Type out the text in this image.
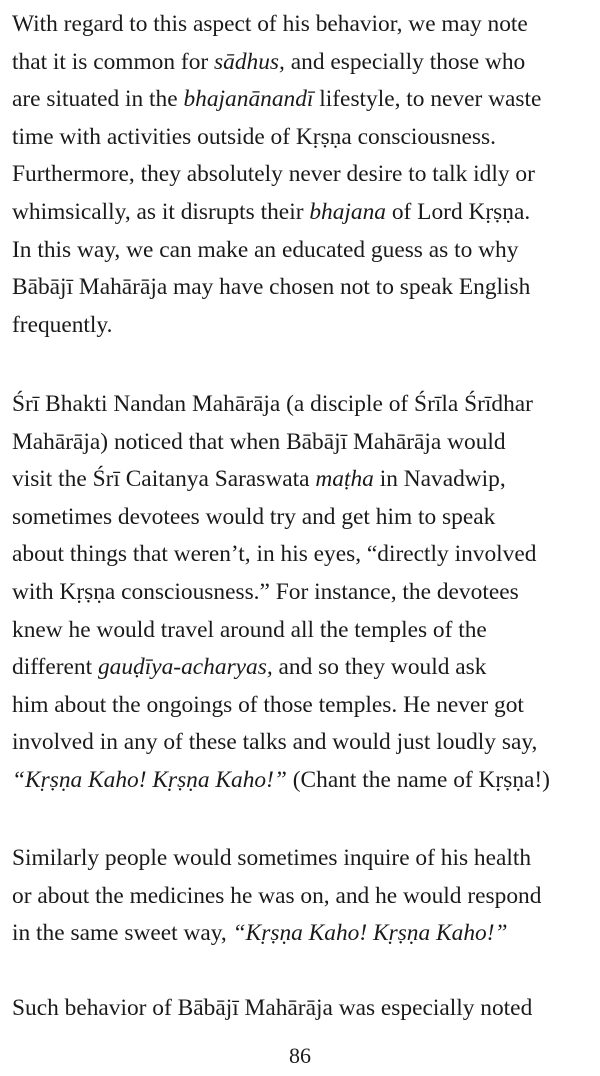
With regard to this aspect of his behavior, we may note
that it is common for sādhus, and especially those who
are situated in the bhajanānandī lifestyle, to never waste
time with activities outside of Kṛṣṇa consciousness.
Furthermore, they absolutely never desire to talk idly or
whimsically, as it disrupts their bhajana of Lord Kṛṣṇa.
In this way, we can make an educated guess as to why
Bābājī Mahārāja may have chosen not to speak English
frequently.
Śrī Bhakti Nandan Mahārāja (a disciple of Śrīla Śrīdhar
Mahārāja) noticed that when Bābājī Mahārāja would
visit the Śrī Caitanya Saraswata maṭha in Navadwip,
sometimes devotees would try and get him to speak
about things that weren’t, in his eyes, “directly involved
with Kṛṣṇa consciousness.” For instance, the devotees
knew he would travel around all the temples of the
different gauḍīya-acharyas, and so they would ask
him about the ongoings of those temples. He never got
involved in any of these talks and would just loudly say,
“Kṛṣṇa Kaho! Kṛṣṇa Kaho!” (Chant the name of Kṛṣṇa!)
Similarly people would sometimes inquire of his health
or about the medicines he was on, and he would respond
in the same sweet way, “Kṛṣṇa Kaho! Kṛṣṇa Kaho!”
Such behavior of Bābājī Mahārāja was especially noted
86
